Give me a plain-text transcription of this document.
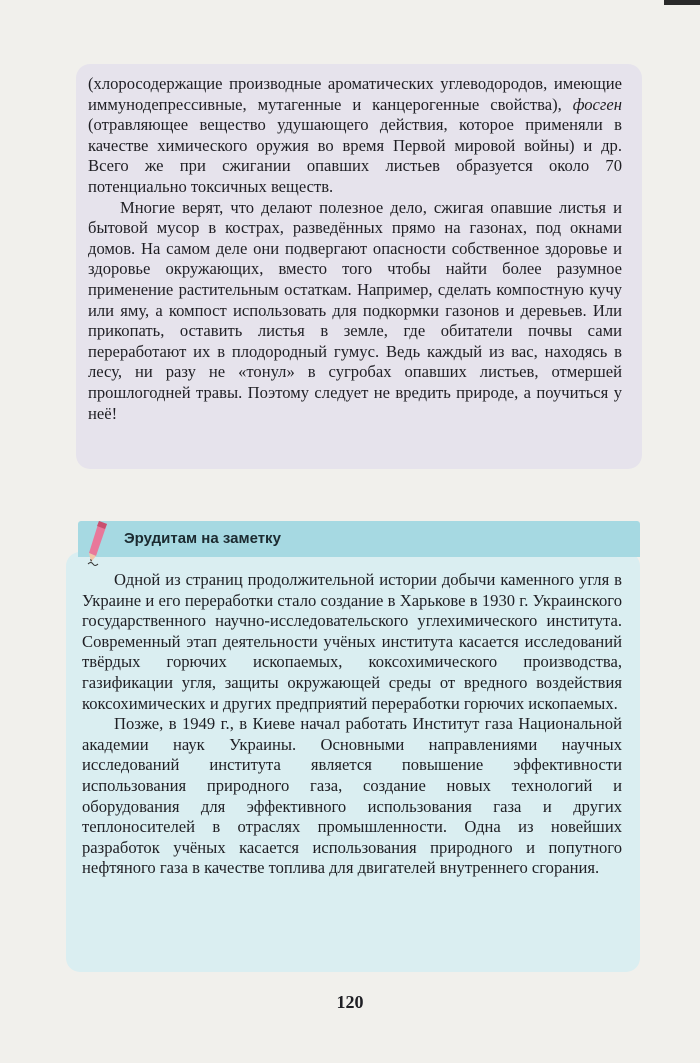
(хлоросодержащие производные ароматических углеводородов, имеющие иммунодепрессивные, мутагенные и канцерогенные свойства), фосген (отравляющее вещество удушающего действия, которое применяли в качестве химического оружия во время Первой мировой войны) и др. Всего же при сжигании опавших листьев образуется около 70 потенциально токсичных веществ.

Многие верят, что делают полезное дело, сжигая опавшие листья и бытовой мусор в кострах, разведённых прямо на газонах, под окнами домов. На самом деле они подвергают опасности собственное здоровье и здоровье окружающих, вместо того чтобы найти более разумное применение растительным остаткам. Например, сделать компостную кучу или яму, а компост использовать для подкормки газонов и деревьев. Или прикопать, оставить листья в земле, где обитатели почвы сами переработают их в плодородный гумус. Ведь каждый из вас, находясь в лесу, ни разу не «тонул» в сугробах опавших листьев, отмершей прошлогодней травы. Поэтому следует не вредить природе, а поучиться у неё!

Одной из страниц продолжительной истории добычи каменного угля в Украине и его переработки стало создание в Харькове в 1930 г. Украинского государственного научно-исследовательского углехимического института. Современный этап деятельности учёных института касается исследований твёрдых горючих ископаемых, коксохимического производства, газификации угля, защиты окружающей среды от вредного воздействия коксохимических и других предприятий переработки горючих ископаемых.

Позже, в 1949 г., в Киеве начал работать Институт газа Национальной академии наук Украины. Основными направлениями научных исследований института является повышение эффективности использования природного газа, создание новых технологий и оборудования для эффективного использования газа и других теплоносителей в отраслях промышленности. Одна из новейших разработок учёных касается использования природного и попутного нефтяного газа в качестве топлива для двигателей внутреннего сгорания.

Эрудитам на заметку
120
